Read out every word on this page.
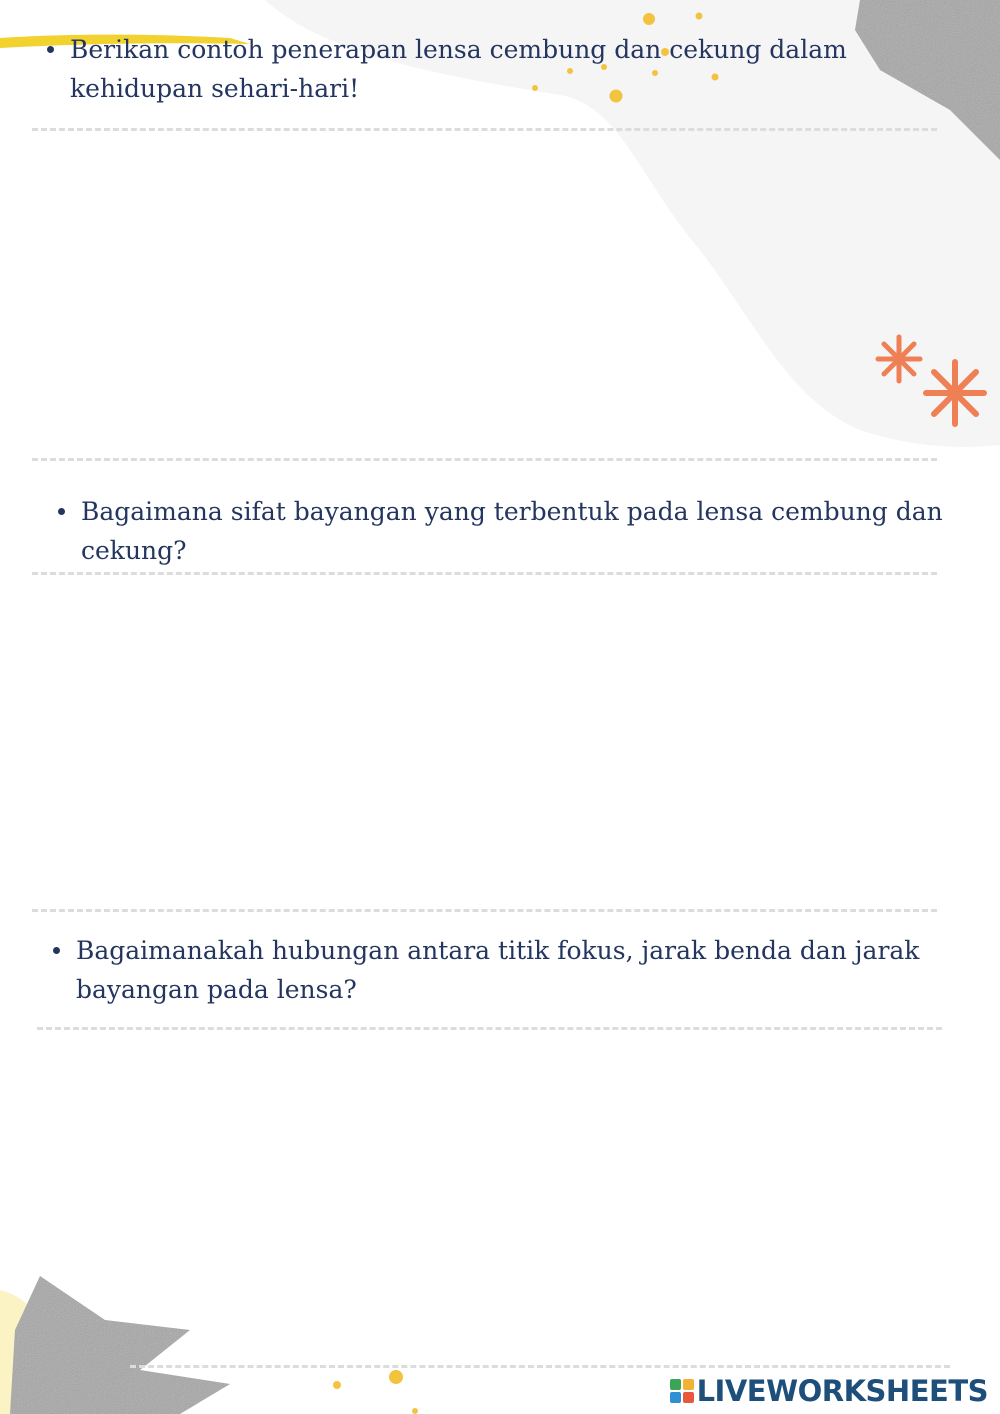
Berikan contoh penerapan lensa cembung dan cekung dalam kehidupan sehari-hari!
Bagaimana sifat bayangan yang terbentuk pada lensa cembung dan cekung?
Bagaimanakah hubungan antara titik fokus, jarak benda dan jarak bayangan pada lensa?
LIVEWORKSHEETS
